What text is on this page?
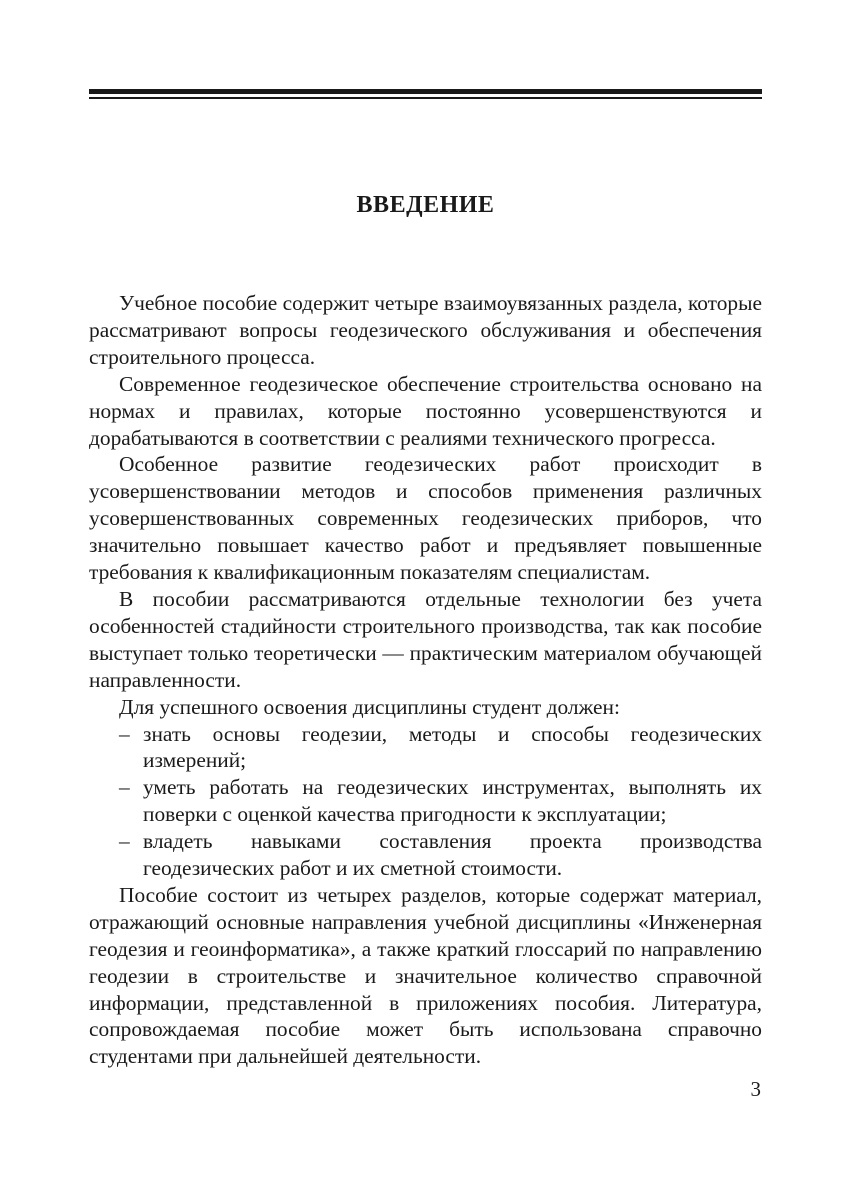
ВВЕДЕНИЕ

Учебное пособие содержит четыре взаимоувязанных раздела, которые рассматривают вопросы геодезического обслуживания и обеспечения строительного процесса.

Современное геодезическое обеспечение строительства основано на нормах и правилах, которые постоянно усовершенствуются и дорабатываются в соответствии с реалиями технического прогресса.

Особенное развитие геодезических работ происходит в усовершенствовании методов и способов применения различных усовершенствованных современных геодезических приборов, что значительно повышает качество работ и предъявляет повышенные требования к квалификационным показателям специалистам.

В пособии рассматриваются отдельные технологии без учета особенностей стадийности строительного производства, так как пособие выступает только теоретически — практическим материалом обучающей направленности.

Для успешного освоения дисциплины студент должен:

– знать основы геодезии, методы и способы геодезических измерений;

– уметь работать на геодезических инструментах, выполнять их поверки с оценкой качества пригодности к эксплуатации;

– владеть навыками составления проекта производства геодезических работ и их сметной стоимости.

Пособие состоит из четырех разделов, которые содержат материал, отражающий основные направления учебной дисциплины «Инженерная геодезия и геоинформатика», а также краткий глоссарий по направлению геодезии в строительстве и значительное количество справочной информации, представленной в приложениях пособия. Литература, сопровождаемая пособие может быть использована справочно студентами при дальнейшей деятельности.

3
